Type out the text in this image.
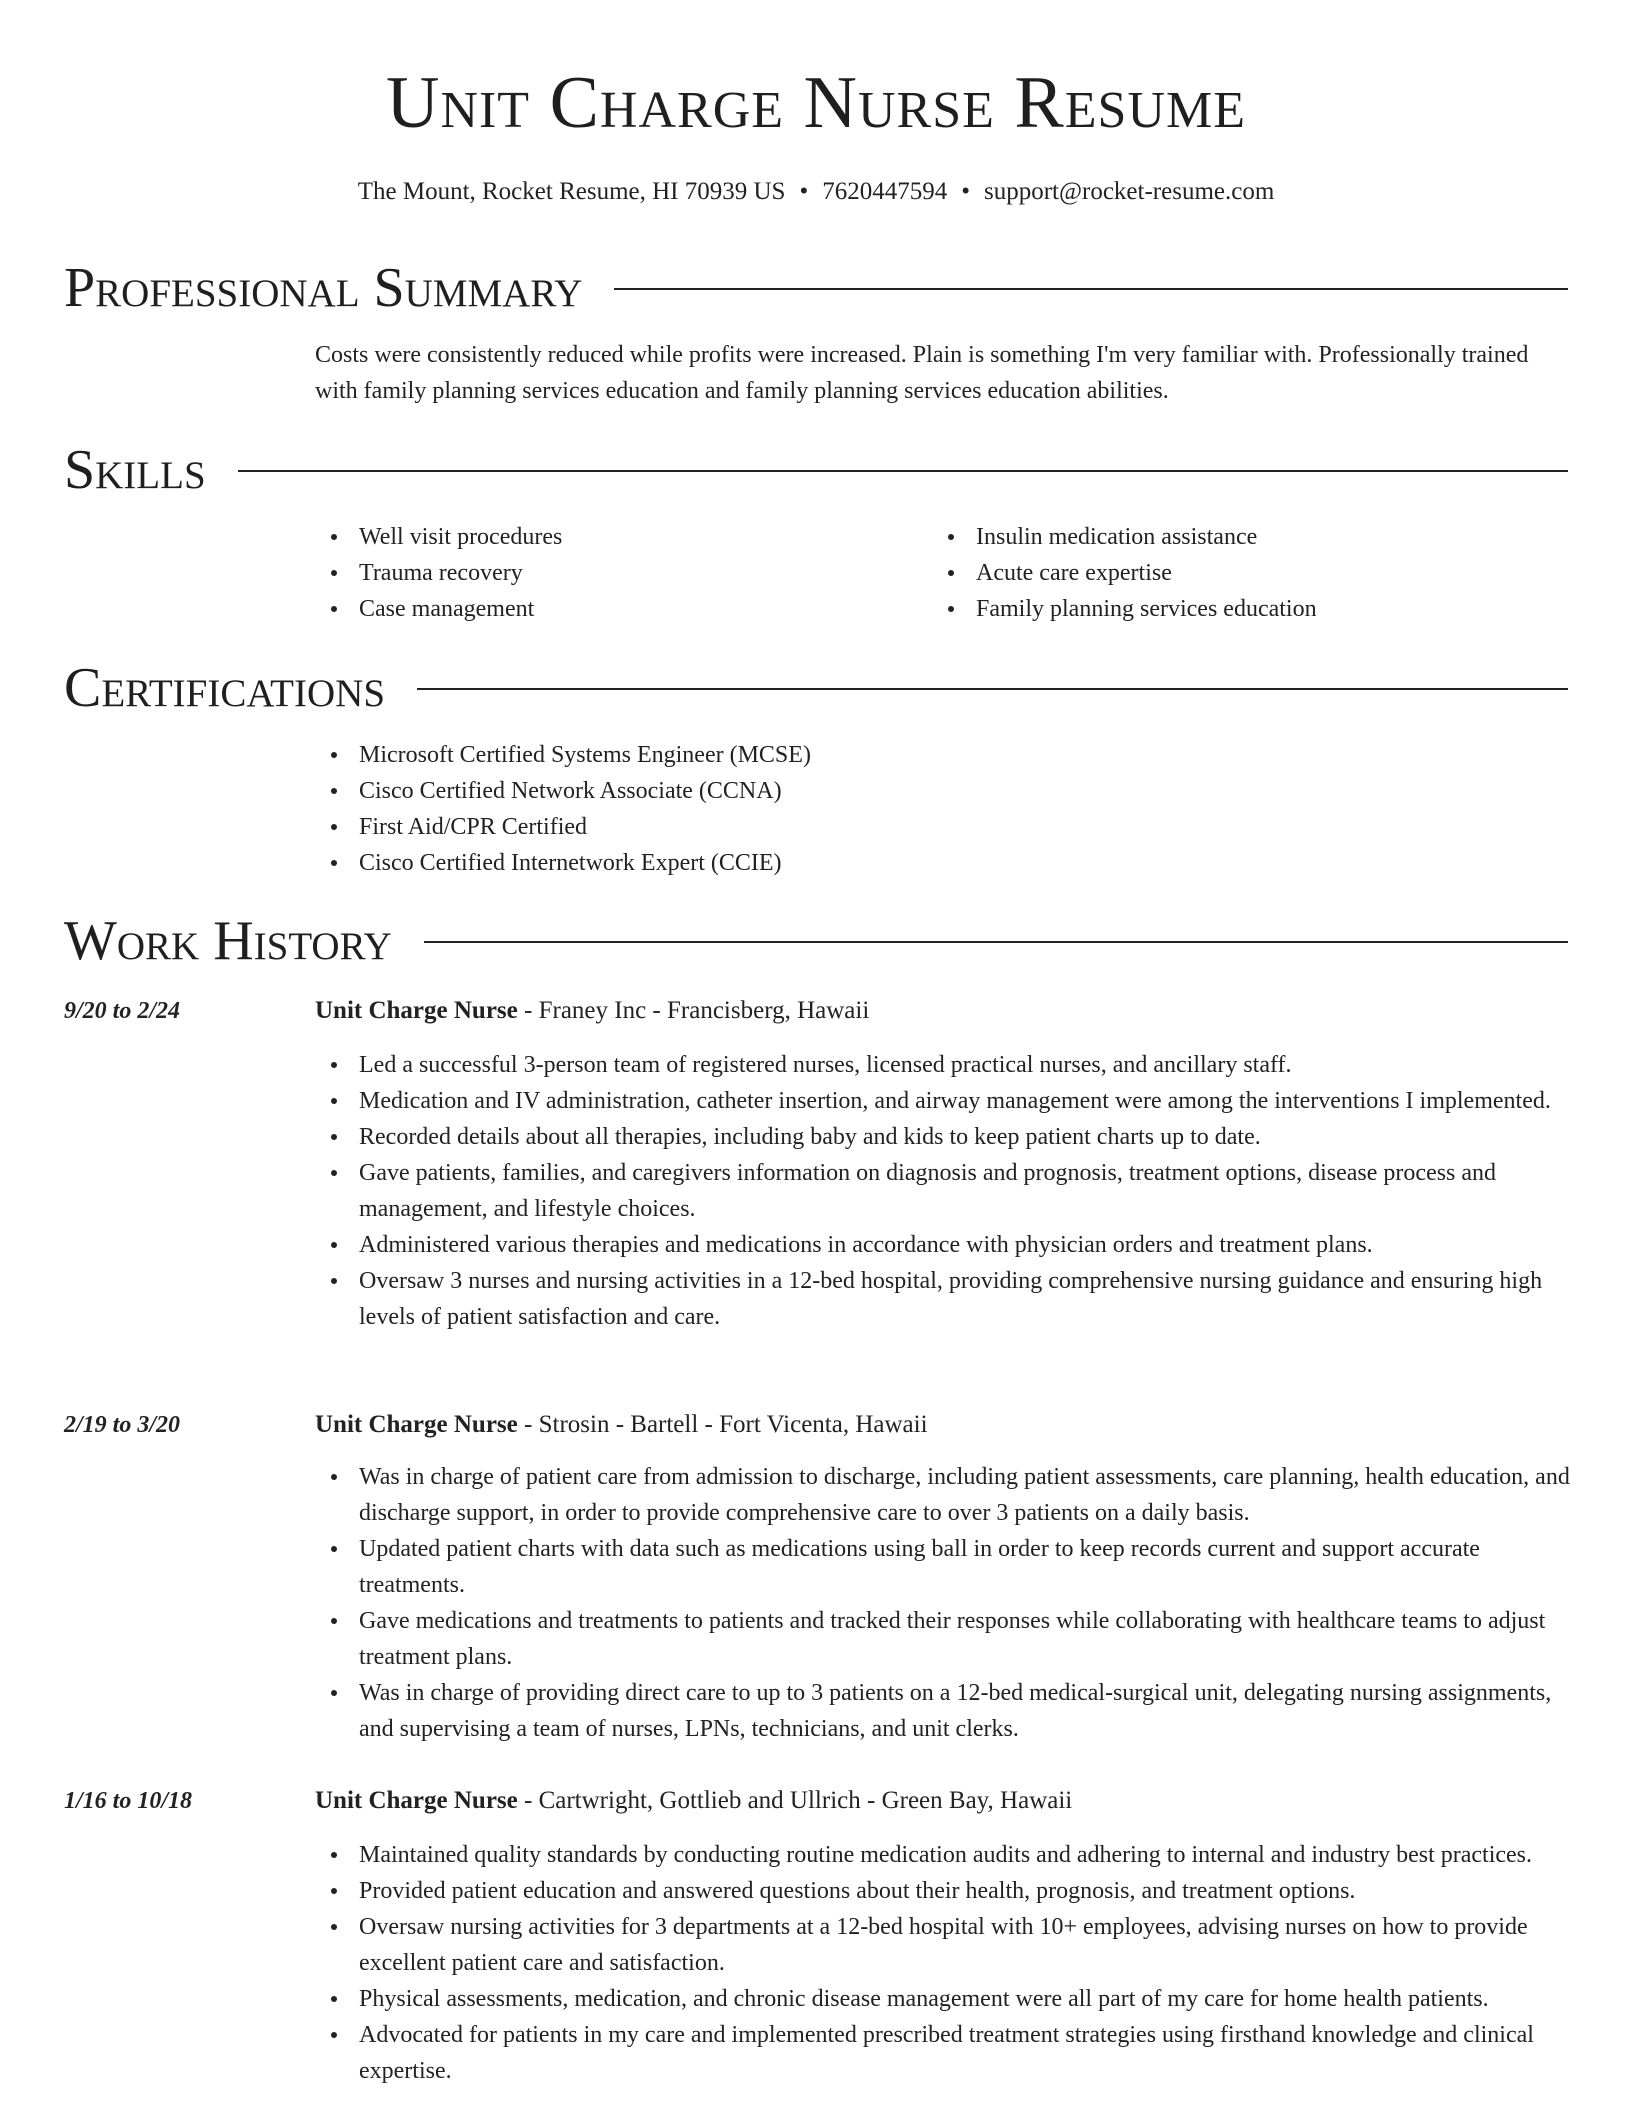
Unit Charge Nurse Resume
The Mount, Rocket Resume, HI 70939 US • 7620447594 • support@rocket-resume.com
Professional Summary

Costs were consistently reduced while profits were increased. Plain is something I'm very familiar with. Professionally trained with family planning services education and family planning services education abilities.

Skills
Well visit procedures
Trauma recovery
Case management
Insulin medication assistance
Acute care expertise
Family planning services education
Certifications
Microsoft Certified Systems Engineer (MCSE)
Cisco Certified Network Associate (CCNA)
First Aid/CPR Certified
Cisco Certified Internetwork Expert (CCIE)
Work History
9/20 to 2/24	Unit Charge Nurse - Franey Inc - Francisberg, Hawaii
Led a successful 3-person team of registered nurses, licensed practical nurses, and ancillary staff.
Medication and IV administration, catheter insertion, and airway management were among the interventions I implemented.
Recorded details about all therapies, including baby and kids to keep patient charts up to date.
Gave patients, families, and caregivers information on diagnosis and prognosis, treatment options, disease process and management, and lifestyle choices.
Administered various therapies and medications in accordance with physician orders and treatment plans.
Oversaw 3 nurses and nursing activities in a 12-bed hospital, providing comprehensive nursing guidance and ensuring high levels of patient satisfaction and care.
2/19 to 3/20	Unit Charge Nurse - Strosin - Bartell - Fort Vicenta, Hawaii
Was in charge of patient care from admission to discharge, including patient assessments, care planning, health education, and discharge support, in order to provide comprehensive care to over 3 patients on a daily basis.
Updated patient charts with data such as medications using ball in order to keep records current and support accurate treatments.
Gave medications and treatments to patients and tracked their responses while collaborating with healthcare teams to adjust treatment plans.
Was in charge of providing direct care to up to 3 patients on a 12-bed medical-surgical unit, delegating nursing assignments, and supervising a team of nurses, LPNs, technicians, and unit clerks.
1/16 to 10/18	Unit Charge Nurse - Cartwright, Gottlieb and Ullrich - Green Bay, Hawaii
Maintained quality standards by conducting routine medication audits and adhering to internal and industry best practices.
Provided patient education and answered questions about their health, prognosis, and treatment options.
Oversaw nursing activities for 3 departments at a 12-bed hospital with 10+ employees, advising nurses on how to provide excellent patient care and satisfaction.
Physical assessments, medication, and chronic disease management were all part of my care for home health patients.
Advocated for patients in my care and implemented prescribed treatment strategies using firsthand knowledge and clinical expertise.
